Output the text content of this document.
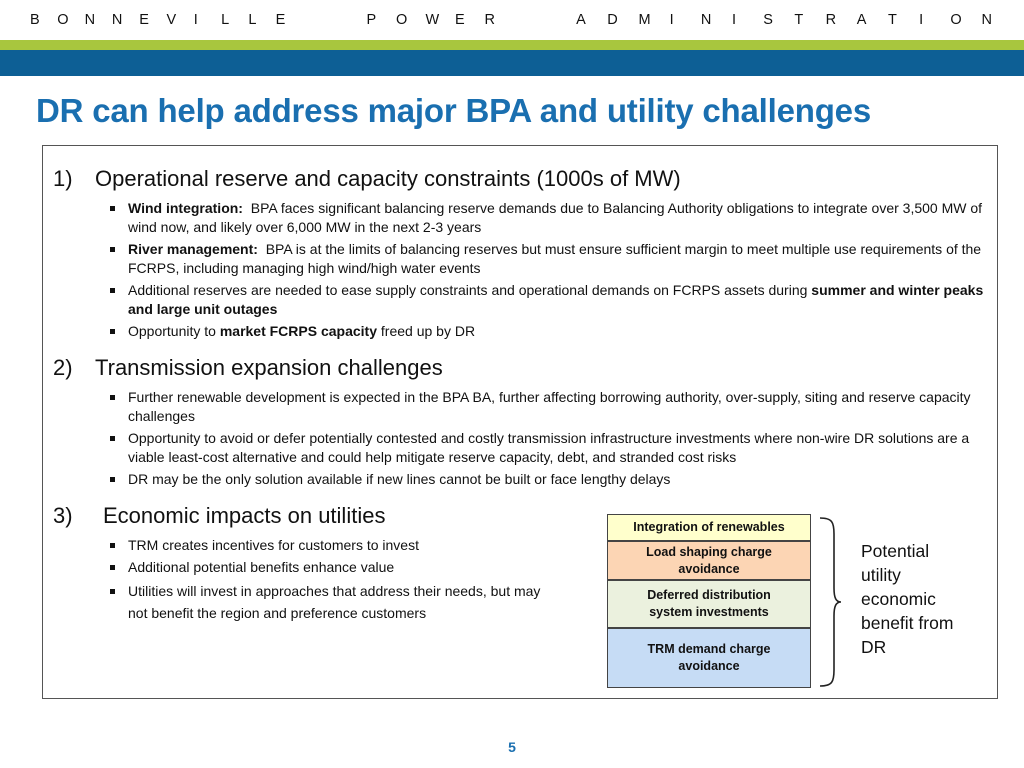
B	O	N	N	E	V	I	L	L	E	P	O	W	E	R	A	D	M	I	N	I	S	T	R	A	T	I	O	N
DR can help address major BPA and utility challenges
1) Operational reserve and capacity constraints (1000s of MW)
Wind integration:  BPA faces significant balancing reserve demands due to Balancing Authority obligations to integrate over 3,500 MW of wind now, and likely over 6,000 MW in the next 2-3 years
River management:  BPA is at the limits of balancing reserves but must ensure sufficient margin to meet multiple use requirements of the FCRPS, including managing high wind/high water events
Additional reserves are needed to ease supply constraints and operational demands on FCRPS assets during summer and winter peaks and large unit outages
Opportunity to market FCRPS capacity freed up by DR
2) Transmission expansion challenges
Further renewable development is expected in the BPA BA, further affecting borrowing authority, over-supply, siting and reserve capacity challenges
Opportunity to avoid or defer potentially contested and costly transmission infrastructure investments where non-wire DR solutions are a viable least-cost alternative and could help mitigate reserve capacity, debt, and stranded cost risks
DR may be the only solution available if new lines cannot be built or face lengthy delays
3) Economic impacts on utilities
TRM creates incentives for customers to invest
Additional potential benefits enhance value
Utilities will invest in approaches that address their needs, but may not benefit the region and preference customers
Integration of renewables
Load shaping charge avoidance
Deferred distribution system investments
TRM demand charge avoidance
Potential utility economic benefit from DR
5
